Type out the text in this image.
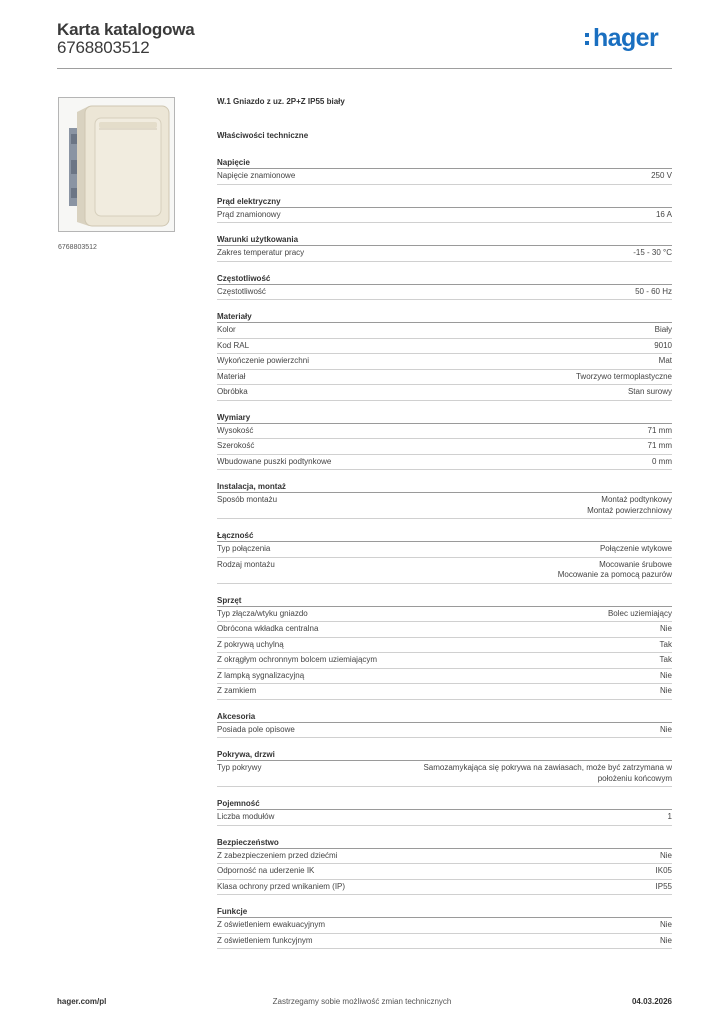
Karta katalogowa
6768803512	hager
6768803512
W.1 Gniazdo z uz. 2P+Z IP55 biały
Właściwości techniczne
Napięcie
Napięcie znamionowe	250 V
Prąd elektryczny
Prąd znamionowy	16 A
Warunki użytkowania
Zakres temperatur pracy	-15 - 30 °C
Częstotliwość
Częstotliwość	50 - 60 Hz
Materiały
Kolor	Biały
Kod RAL	9010
Wykończenie powierzchni	Mat
Materiał	Tworzywo termoplastyczne
Obróbka	Stan surowy
Wymiary
Wysokość	71 mm
Szerokość	71 mm
Wbudowane puszki podtynkowe	0 mm
Instalacja, montaż
Sposób montażu	Montaż podtynkowy
Montaż powierzchniowy
Łączność
Typ połączenia	Połączenie wtykowe
Rodzaj montażu	Mocowanie śrubowe
Mocowanie za pomocą pazurów
Sprzęt
Typ złącza/wtyku gniazdo	Bolec uziemiający
Obrócona wkładka centralna	Nie
Z pokrywą uchylną	Tak
Z okrągłym ochronnym bolcem uziemiającym	Tak
Z lampką sygnalizacyjną	Nie
Z zamkiem	Nie
Akcesoria
Posiada pole opisowe	Nie
Pokrywa, drzwi
Typ pokrywy	Samozamykająca się pokrywa na zawiasach, może być zatrzymana w położeniu końcowym
Pojemność
Liczba modułów	1
Bezpieczeństwo
Z zabezpieczeniem przed dziećmi	Nie
Odporność na uderzenie IK	IK05
Klasa ochrony przed wnikaniem (IP)	IP55
Funkcje
Z oświetleniem ewakuacyjnym	Nie
Z oświetleniem funkcyjnym	Nie
hager.com/pl	Zastrzegamy sobie możliwość zmian technicznych	04.03.2026
